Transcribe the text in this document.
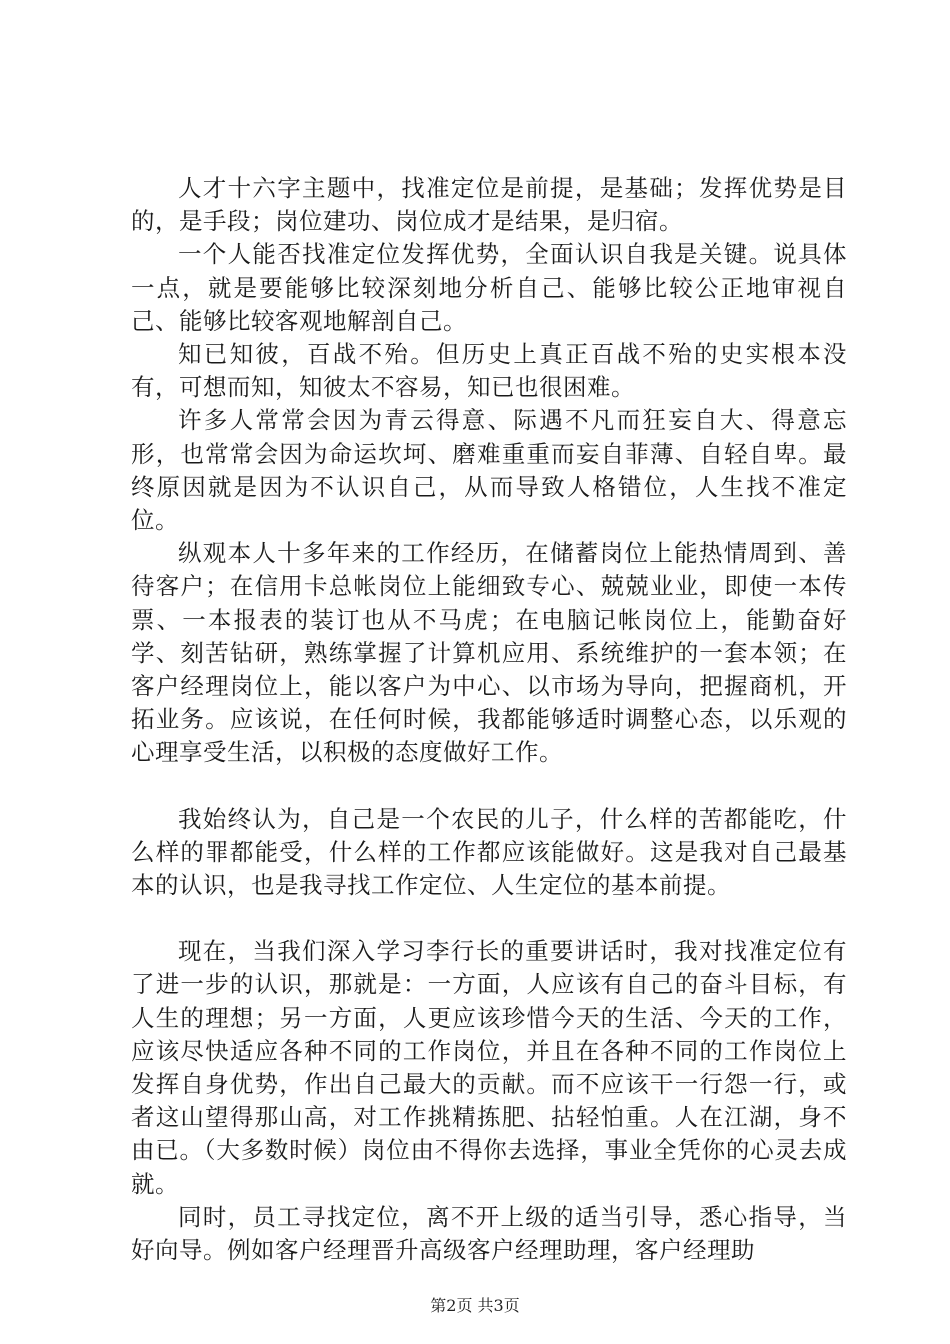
人才十六字主题中，找准定位是前提，是基础；发挥优势是目的，是手段；岗位建功、岗位成才是结果，是归宿。

一个人能否找准定位发挥优势，全面认识自我是关键。说具体一点，就是要能够比较深刻地分析自己、能够比较公正地审视自己、能够比较客观地解剖自己。

知已知彼，百战不殆。但历史上真正百战不殆的史实根本没有，可想而知，知彼太不容易，知已也很困难。

许多人常常会因为青云得意、际遇不凡而狂妄自大、得意忘形，也常常会因为命运坎坷、磨难重重而妄自菲薄、自轻自卑。最终原因就是因为不认识自己，从而导致人格错位，人生找不准定位。

纵观本人十多年来的工作经历，在储蓄岗位上能热情周到、善待客户；在信用卡总帐岗位上能细致专心、兢兢业业，即使一本传票、一本报表的装订也从不马虎；在电脑记帐岗位上，能勤奋好学、刻苦钻研，熟练掌握了计算机应用、系统维护的一套本领；在客户经理岗位上，能以客户为中心、以市场为导向，把握商机，开拓业务。应该说，在任何时候，我都能够适时调整心态，以乐观的心理享受生活，以积极的态度做好工作。

我始终认为，自己是一个农民的儿子，什么样的苦都能吃，什么样的罪都能受，什么样的工作都应该能做好。这是我对自己最基本的认识，也是我寻找工作定位、人生定位的基本前提。

现在，当我们深入学习李行长的重要讲话时，我对找准定位有了进一步的认识，那就是：一方面，人应该有自己的奋斗目标，有人生的理想；另一方面，人更应该珍惜今天的生活、今天的工作，应该尽快适应各种不同的工作岗位，并且在各种不同的工作岗位上发挥自身优势，作出自己最大的贡献。而不应该干一行怨一行，或者这山望得那山高，对工作挑精拣肥、拈轻怕重。人在江湖，身不由已。（大多数时候）岗位由不得你去选择，事业全凭你的心灵去成就。

同时，员工寻找定位，离不开上级的适当引导，悉心指导，当好向导。例如客户经理晋升高级客户经理助理，客户经理助

第2页 共3页
